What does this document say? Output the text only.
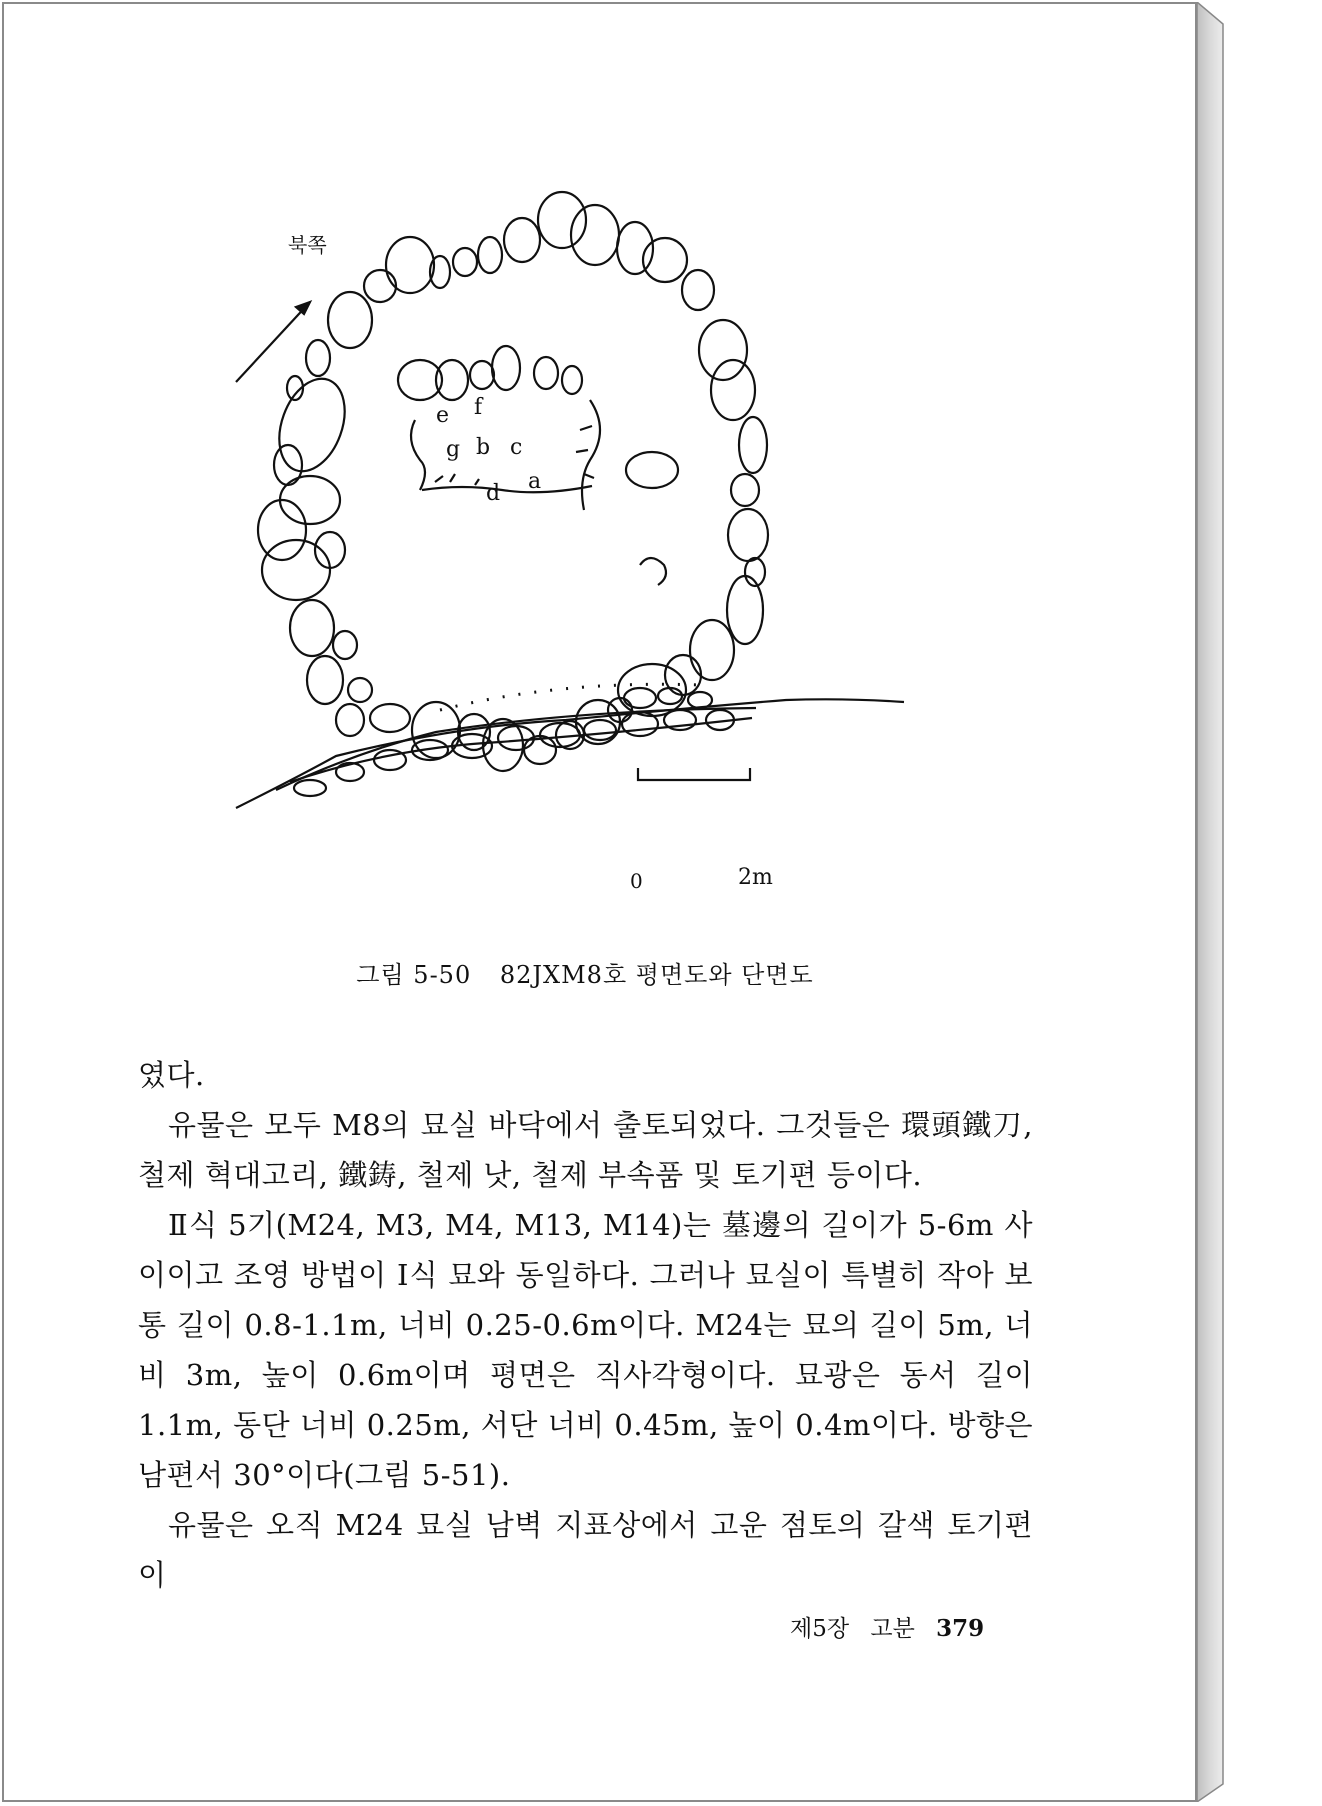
북쪽
e f
g b c
d a
0	2m
그림 5-50 82JXM8호 평면도와 단면도
였다.
유물은 모두 M8의 묘실 바닥에서 출토되었다. 그것들은 環頭鐵刀, 철제 혁대고리, 鐵鋳, 철제 낫, 철제 부속품 및 토기편 등이다.
Ⅱ식 5기(M24, M3, M4, M13, M14)는 墓邊의 길이가 5-6m 사이이고 조영 방법이 Ⅰ식 묘와 동일하다. 그러나 묘실이 특별히 작아 보통 길이 0.8-1.1m, 너비 0.25-0.6m이다. M24는 묘의 길이 5m, 너비 3m, 높이 0.6m이며 평면은 직사각형이다. 묘광은 동서 길이 1.1m, 동단 너비 0.25m, 서단 너비 0.45m, 높이 0.4m이다. 방향은 남편서 30°이다(그림 5-51).
유물은 오직 M24 묘실 남벽 지표상에서 고운 점토의 갈색 토기편이
제5장 고분 379
